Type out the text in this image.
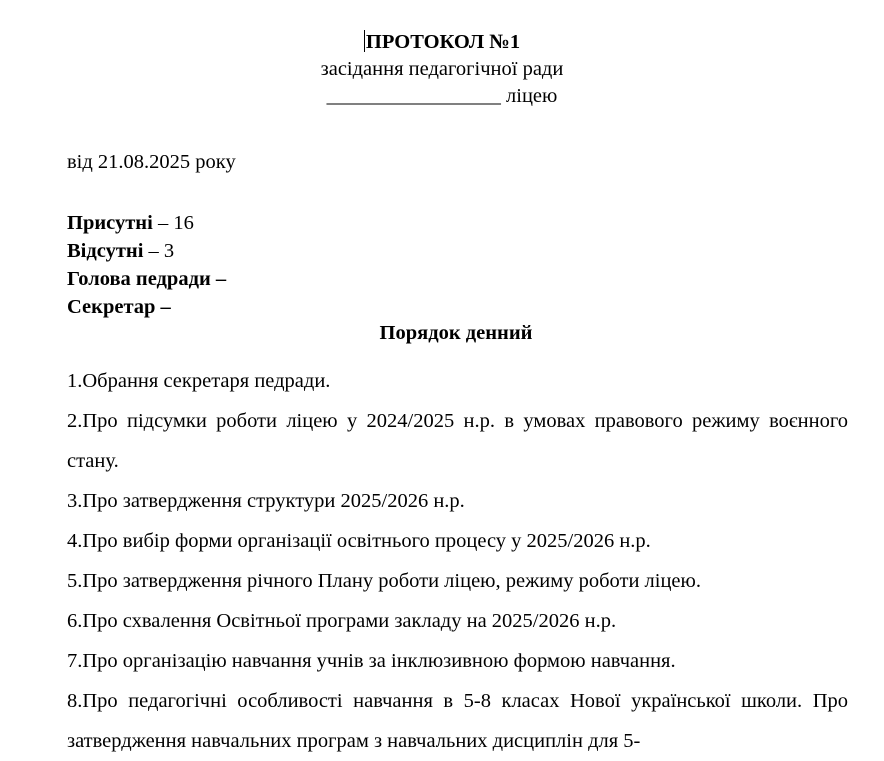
ПРОТОКОЛ №1
засідання педагогічної ради
_________________ ліцею
від 21.08.2025 року
Присутні – 16
Відсутні – 3
Голова педради –
Секретар –
Порядок денний
1.Обрання секретаря педради.
2.Про підсумки роботи ліцею у 2024/2025 н.р. в умовах правового режиму воєнного стану.
3.Про затвердження структури 2025/2026 н.р.
4.Про вибір форми організації освітнього процесу у 2025/2026 н.р.
5.Про затвердження річного Плану роботи ліцею, режиму роботи ліцею.
6.Про схвалення Освітньої програми закладу на 2025/2026 н.р.
7.Про організацію навчання учнів за інклюзивною формою навчання.
8.Про педагогічні особливості навчання в 5-8 класах Нової української школи. Про затвердження навчальних програм з навчальних дисциплін для 5-
